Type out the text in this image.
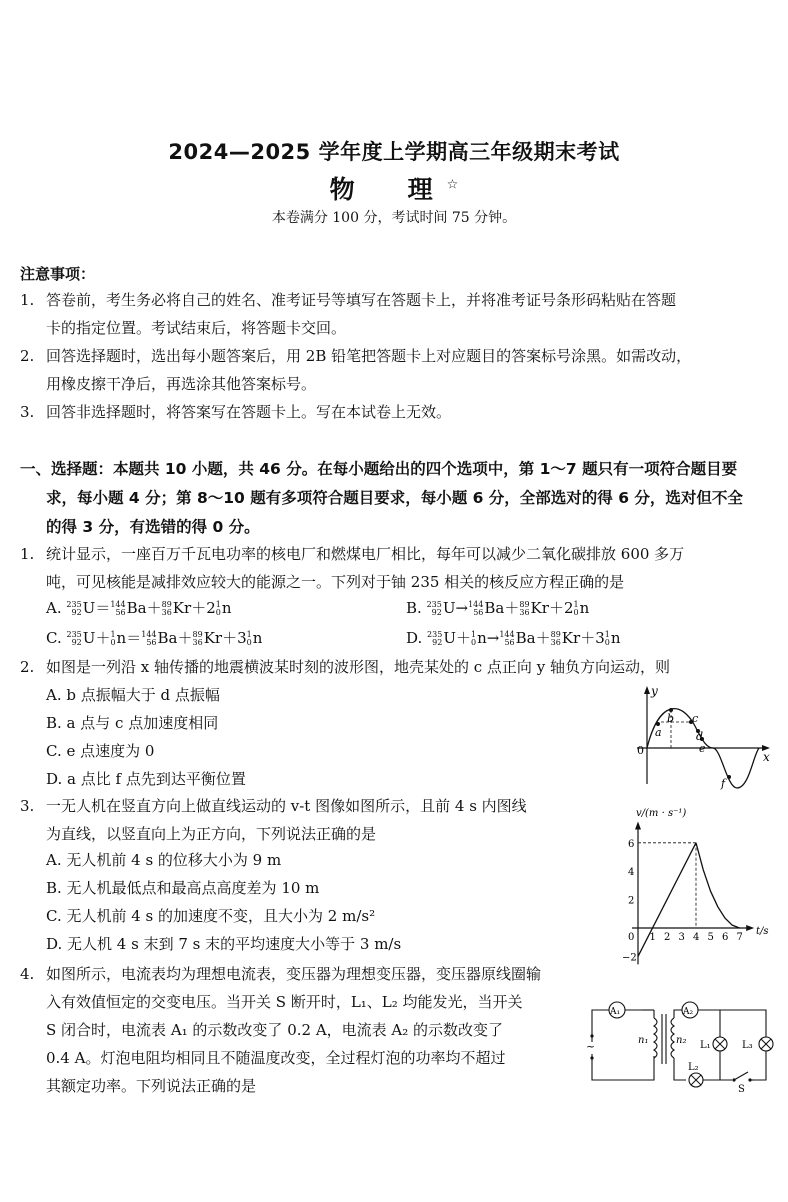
2024—2025 学年度上学期高三年级期末考试
物　理☆
本卷满分 100 分，考试时间 75 分钟。
注意事项：
1. 答卷前，考生务必将自己的姓名、准考证号等填写在答题卡上，并将准考证号条形码粘贴在答题
卡的指定位置。考试结束后，将答题卡交回。
2. 回答选择题时，选出每小题答案后，用 2B 铅笔把答题卡上对应题目的答案标号涂黑。如需改动，
用橡皮擦干净后，再选涂其他答案标号。
3. 回答非选择题时，将答案写在答题卡上。写在本试卷上无效。
一、选择题：本题共 10 小题，共 46 分。在每小题给出的四个选项中，第 1～7 题只有一项符合题目要
求，每小题 4 分；第 8～10 题有多项符合题目要求，每小题 6 分，全部选对的得 6 分，选对但不全
的得 3 分，有选错的得 0 分。
1. 统计显示，一座百万千瓦电功率的核电厂和燃煤电厂相比，每年可以减少二氧化碳排放 600 多万
吨，可见核能是减排效应较大的能源之一。下列对于铀 235 相关的核反应方程正确的是
A. 235
92 U＝ 144
56 Ba＋ 89
36 Kr＋2 1
0 n	B. 235
92 U→ 144
56 Ba＋ 89
36 Kr＋2 1
0 n
C. 235
92 U＋ 1
0 n＝ 144
56 Ba＋ 89
36 Kr＋3 1
0 n	D. 235
92 U＋ 1
0 n→ 144
56 Ba＋ 89
36 Kr＋3 1
0 n
2. 如图是一列沿 x 轴传播的地震横波某时刻的波形图，地壳某处的 c 点正向 y 轴负方向运动，则
A. b 点振幅大于 d 点振幅
B. a 点与 c 点加速度相同
C. e 点速度为 0
D. a 点比 f 点先到达平衡位置
y
x
0
a
b c
d
e
f
3. 一无人机在竖直方向上做直线运动的 v-t 图像如图所示，且前 4 s 内图线
为直线，以竖直向上为正方向，下列说法正确的是
A. 无人机前 4 s 的位移大小为 9 m
B. 无人机最低点和最高点高度差为 10 m
C. 无人机前 4 s 的加速度不变，且大小为 2 m/s²
D. 无人机 4 s 末到 7 s 末的平均速度大小等于 3 m/s	0 1 2 3 4 5 6 7
6
4
2
−2
v/(m · s⁻¹)
t/s
4. 如图所示，电流表均为理想电流表，变压器为理想变压器，变压器原线圈输
入有效值恒定的交变电压。当开关 S 断开时，L₁、L₂ 均能发光，当开关
S 闭合时，电流表 A₁ 的示数改变了 0.2 A，电流表 A₂ 的示数改变了
0.4 A。灯泡电阻均相同且不随温度改变，全过程灯泡的功率均不超过
其额定功率。下列说法正确的是
~
A₁
n₁	n₂
A₂
L₁	L₃
L₂
S
